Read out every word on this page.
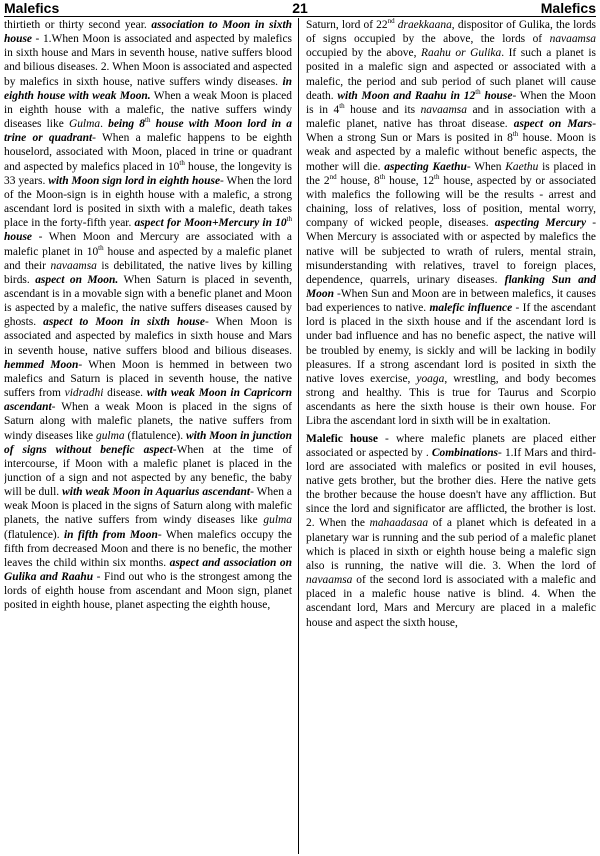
Malefics	21	Malefics

thirtieth or thirty second year. association to Moon in sixth house - 1.When Moon is associated and aspected by malefics in sixth house and Mars in seventh house, native suffers blood and bilious diseases. 2. When Moon is associated and aspected by malefics in sixth house, native suffers windy diseases. in eighth house with weak Moon. When a weak Moon is placed in eighth house with a malefic, the native suffers windy diseases like Gulma. being 8th house with Moon lord in a trine or quadrant- When a malefic happens to be eighth houselord, associated with Moon, placed in trine or quadrant and aspected by malefics placed in 10th house, the longevity is 33 years. with Moon sign lord in eighth house- When the lord of the Moon-sign is in eighth house with a malefic, a strong ascendant lord is posited in sixth with a malefic, death takes place in the forty-fifth year. aspect for Moon+Mercury in 10th house - When Moon and Mercury are associated with a malefic planet in 10th house and aspected by a malefic planet and their navaamsa is debilitated, the native lives by killing birds. aspect on Moon. When Saturn is placed in seventh, ascendant is in a movable sign with a benefic planet and Moon is aspected by a malefic, the native suffers diseases caused by ghosts. aspect to Moon in sixth house- When Moon is associated and aspected by malefics in sixth house and Mars in seventh house, native suffers blood and bilious diseases. hemmed Moon- When Moon is hemmed in between two malefics and Saturn is placed in seventh house, the native suffers from vidradhi disease. with weak Moon in Capricorn ascendant- When a weak Moon is placed in the signs of Saturn along with malefic planets, the native suffers from windy diseases like gulma (flatulence). with Moon in junction of signs without benefic aspect-When at the time of intercourse, if Moon with a malefic planet is placed in the junction of a sign and not aspected by any benefic, the baby will be dull. with weak Moon in Aquarius ascendant- When a weak Moon is placed in the signs of Saturn along with malefic planets, the native suffers from windy diseases like gulma (flatulence). in fifth from Moon- When malefics occupy the fifth from decreased Moon and there is no benefic, the mother leaves the child within six months. aspect and association on Gulika and Raahu - Find out who is the strongest among the lords of eighth house from ascendant and Moon sign, planet posited in eighth house, planet aspecting the eighth house,

Saturn, lord of 22nd draekkaana, dispositor of Gulika, the lords of signs occupied by the above, the lords of navaamsa occupied by the above, Raahu or Gulika. If such a planet is posited in a malefic sign and aspected or associated with a malefic, the period and sub period of such planet will cause death. with Moon and Raahu in 12th house- When the Moon is in 4th house and its navaamsa and in association with a malefic planet, native has throat disease. aspect on Mars- When a strong Sun or Mars is posited in 8th house. Moon is weak and aspected by a malefic without benefic aspects, the mother will die. aspecting Kaethu- When Kaethu is placed in the 2nd house, 8th house, 12th house, aspected by or associated with malefics the following will be the results - arrest and chaining, loss of relatives, loss of position, mental worry, company of wicked people, diseases. aspecting Mercury - When Mercury is associated with or aspected by malefics the native will be subjected to wrath of rulers, mental strain, misunderstanding with relatives, travel to foreign places, dependence, quarrels, urinary diseases. flanking Sun and Moon -When Sun and Moon are in between malefics, it causes bad experiences to native. malefic influence - If the ascendant lord is placed in the sixth house and if the ascendant lord is under bad influence and has no benefic aspect, the native will be troubled by enemy, is sickly and will be lacking in bodily pleasures. If a strong ascendant lord is posited in sixth the native loves exercise, yoaga, wrestling, and body becomes strong and healthy. This is true for Taurus and Scorpio ascendants as here the sixth house is their own house. For Libra the ascendant lord in sixth will be in exaltation.

Malefic house - where malefic planets are placed either associated or aspected by . Combinations- 1.If Mars and third-lord are associated with malefics or posited in evil houses, native gets brother, but the brother dies. Here the native gets the brother because the house doesn't have any affliction. But since the lord and significator are afflicted, the brother is lost. 2. When the mahaadasaa of a planet which is defeated in a planetary war is running and the sub period of a malefic planet which is placed in sixth or eighth house being a malefic sign also is running, the native will die. 3. When the lord of navaamsa of the second lord is associated with a malefic and placed in a malefic house native is blind. 4. When the ascendant lord, Mars and Mercury are placed in a malefic house and aspect the sixth house,
